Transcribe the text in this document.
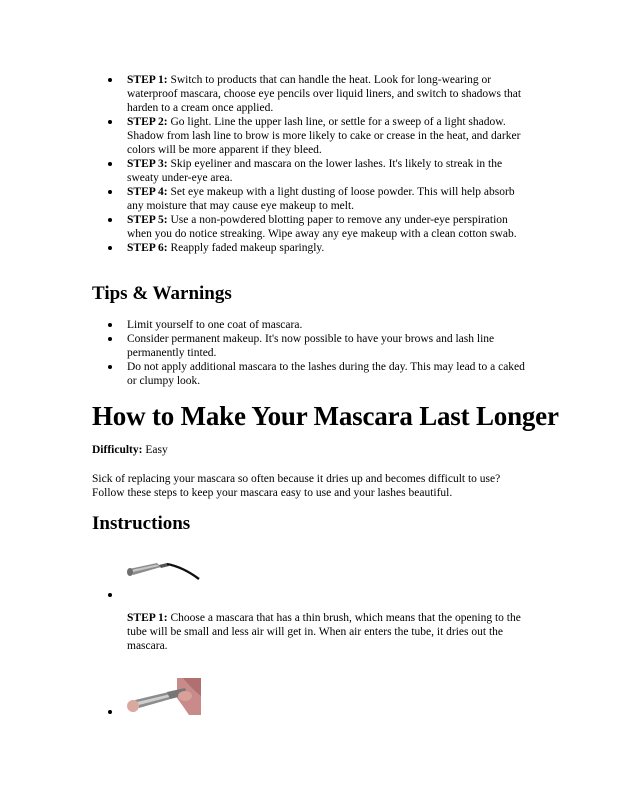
STEP 1: Switch to products that can handle the heat. Look for long-wearing or waterproof mascara, choose eye pencils over liquid liners, and switch to shadows that harden to a cream once applied.
STEP 2: Go light. Line the upper lash line, or settle for a sweep of a light shadow. Shadow from lash line to brow is more likely to cake or crease in the heat, and darker colors will be more apparent if they bleed.
STEP 3: Skip eyeliner and mascara on the lower lashes. It's likely to streak in the sweaty under-eye area.
STEP 4: Set eye makeup with a light dusting of loose powder. This will help absorb any moisture that may cause eye makeup to melt.
STEP 5: Use a non-powdered blotting paper to remove any under-eye perspiration when you do notice streaking. Wipe away any eye makeup with a clean cotton swab.
STEP 6: Reapply faded makeup sparingly.
Tips & Warnings
Limit yourself to one coat of mascara.
Consider permanent makeup. It's now possible to have your brows and lash line permanently tinted.
Do not apply additional mascara to the lashes during the day. This may lead to a caked or clumpy look.
How to Make Your Mascara Last Longer
Difficulty: Easy
Sick of replacing your mascara so often because it dries up and becomes difficult to use? Follow these steps to keep your mascara easy to use and your lashes beautiful.
Instructions
STEP 1: Choose a mascara that has a thin brush, which means that the opening to the tube will be small and less air will get in. When air enters the tube, it dries out the mascara.
